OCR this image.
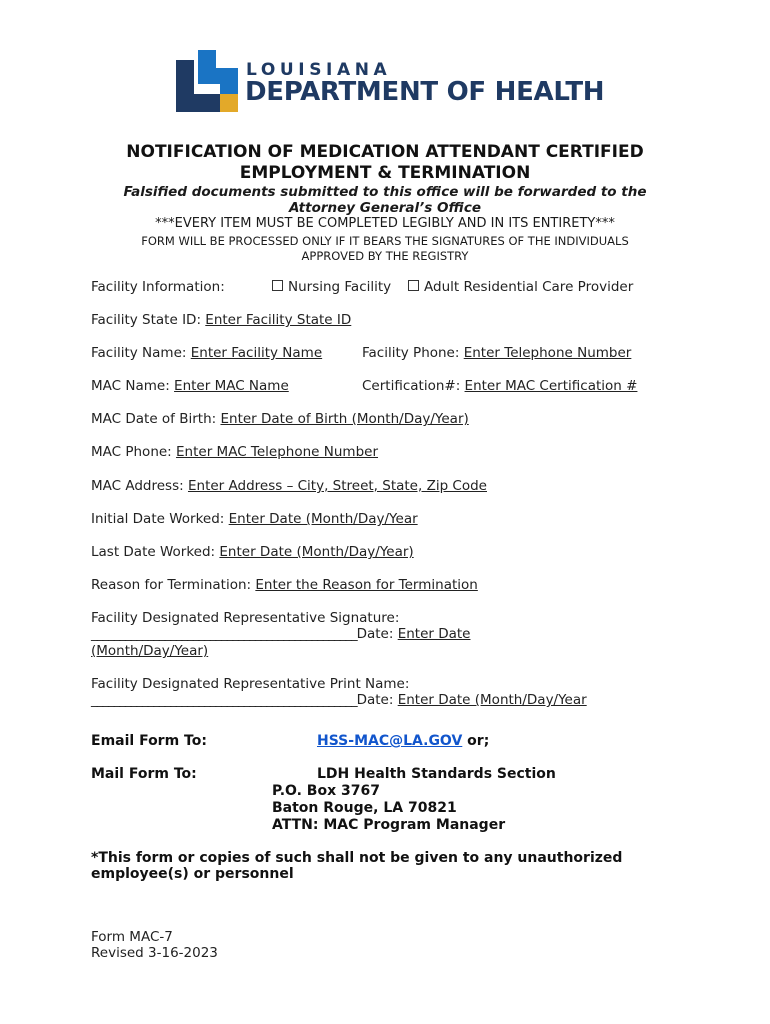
LOUISIANA
DEPARTMENT OF HEALTH
NOTIFICATION OF MEDICATION ATTENDANT CERTIFIED
EMPLOYMENT & TERMINATION
Falsified documents submitted to this office will be forwarded to the
Attorney General’s Office
***EVERY ITEM MUST BE COMPLETED LEGIBLY AND IN ITS ENTIRETY***
FORM WILL BE PROCESSED ONLY IF IT BEARS THE SIGNATURES OF THE INDIVIDUALS
APPROVED BY THE REGISTRY
Facility Information:	Nursing Facility	Adult Residential Care Provider
Facility State ID: Enter Facility State ID
Facility Name: Enter Facility Name	Facility Phone: Enter Telephone Number
MAC Name: Enter MAC Name	Certification#: Enter MAC Certification #
MAC Date of Birth: Enter Date of Birth (Month/Day/Year)
MAC Phone: Enter MAC Telephone Number
MAC Address: Enter Address – City, Street, State, Zip Code
Initial Date Worked: Enter Date (Month/Day/Year
Last Date Worked: Enter Date (Month/Day/Year)
Reason for Termination: Enter the Reason for Termination
Facility Designated Representative Signature:
_______________________________________________Date: Enter Date
(Month/Day/Year)
Facility Designated Representative Print Name:
_______________________________________________Date: Enter Date (Month/Day/Year
Email Form To:	HSS-MAC@LA.GOV or;
Mail Form To:	LDH Health Standards Section
P.O. Box 3767
Baton Rouge, LA 70821
ATTN: MAC Program Manager
*This form or copies of such shall not be given to any unauthorized
employee(s) or personnel
Form MAC-7
Revised 3-16-2023
